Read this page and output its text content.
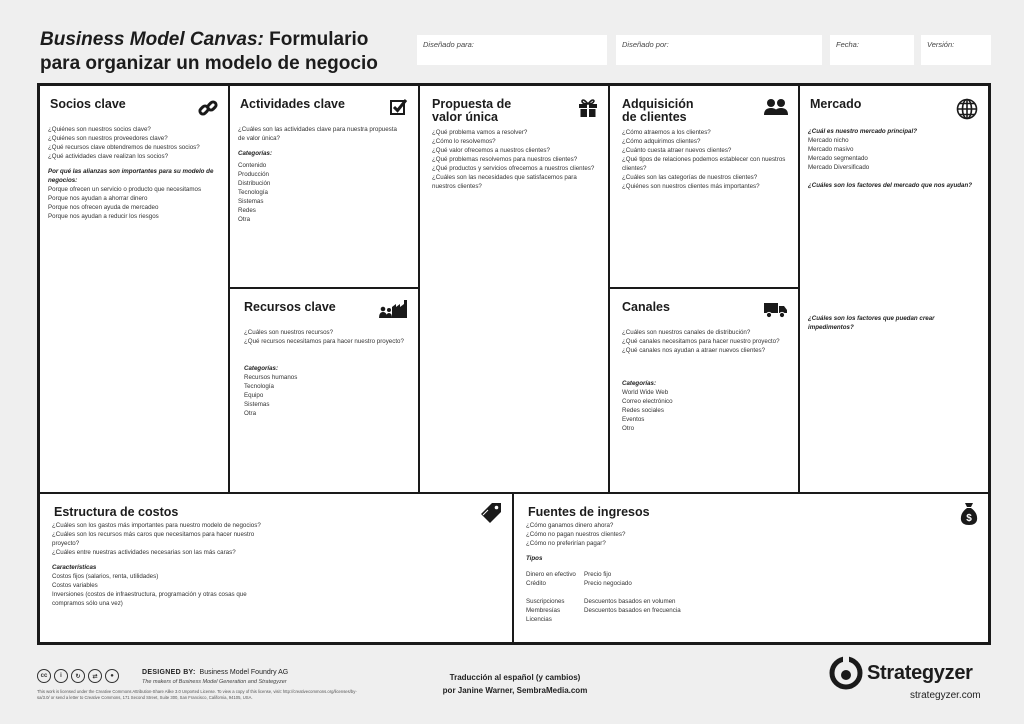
Business Model Canvas: Formulario para organizar un modelo de negocio
Diseñado para:	Diseñado por:	Fecha:	Versión:
Socios clave
¿Quiénes son nuestros socios clave?
¿Quiénes son nuestros proveedores clave?
¿Qué recursos clave obtendremos de nuestros socios?
¿Qué actividades clave realizan los socios?
Por qué las alianzas son importantes para su modelo de negocios:
Porque ofrecen un servicio o producto que necesitamos
Porque nos ayudan a ahorrar dinero
Porque nos ofrecen ayuda de mercadeo
Porque nos ayudan a reducir los riesgos
Actividades clave
¿Cuáles son las actividades clave para nuestra propuesta
de valor única?
Categorías:
Contenido
Producción
Distribución
Tecnología
Sistemas
Redes
Otra
Recursos clave
¿Cuáles son nuestros recursos?
¿Qué recursos necesitamos para hacer nuestro proyecto?
Categorías:
Recursos humanos
Tecnología
Equipo
Sistemas
Otra
Propuesta de
valor única
¿Qué problema vamos a resolver?
¿Cómo lo resolvemos?
¿Qué valor ofrecemos a nuestros clientes?
¿Qué problemas resolvemos para nuestros clientes?
¿Qué productos y servicios ofrecemos a nuestros clientes?
¿Cuáles son las necesidades que satisfacemos para
nuestros clientes?
Adquisición
de clientes
¿Cómo atraemos a los clientes?
¿Cómo adquirimos clientes?
¿Cuánto cuesta atraer nuevos clientes?
¿Qué tipos de relaciones podemos establecer con nuestros clientes?
¿Cuáles son las categorías de nuestros clientes?
¿Quiénes son nuestros clientes más importantes?
Canales
¿Cuáles son nuestros canales de distribución?
¿Qué canales necesitamos para hacer nuestro proyecto?
¿Qué canales nos ayudan a atraer nuevos clientes?
Categorías:
World Wide Web
Correo electrónico
Redes sociales
Eventos
Otro
Mercado
¿Cuál es nuestro mercado principal?
Mercado nicho
Mercado masivo
Mercado segmentado
Mercado Diversificado
¿Cuáles son los factores del mercado que nos ayudan?
¿Cuáles son los factores que puedan crear impedimentos?
Estructura de costos
¿Cuáles son los gastos más importantes para nuestro modelo de negocios?
¿Cuáles son los recursos más caros que necesitamos para hacer nuestro
proyecto?
¿Cuáles entre nuestras actividades necesarias son las más caras?
Características
Costos fijos (salarios, renta, utilidades)
Costos variables
Inversiones (costos de infraestructura, programación y otras cosas que
compramos sólo una vez)
Fuentes de ingresos	$
¿Cómo ganamos dinero ahora?
¿Cómo no pagan nuestros clientes?
¿Cómo no preferirían pagar?
Tipos
Dinero en efectivo
Crédito
Precio fijo
Precio negociado
Suscripciones
Membresías
Licencias
Descuentos basados en volumen
Descuentos basados en frecuencia
cc	i	↻	⇄	●	DESIGNED BY: Business Model Foundry AG
The makers of Business Model Generation and Strategyzer
This work is licensed under the Creative Commons Attribution-Share Alike 3.0 Unported License. To view a copy of this license, visit: http://creativecommons.org/licenses/by-sa/3.0/ or send a letter to Creative Commons, 171 Second Street, Suite 300, San Francisco, California, 94105, USA.
Traducción al español (y cambios)
por Janine Warner, SembraMedia.com
Strategyzer
strategyzer.com
